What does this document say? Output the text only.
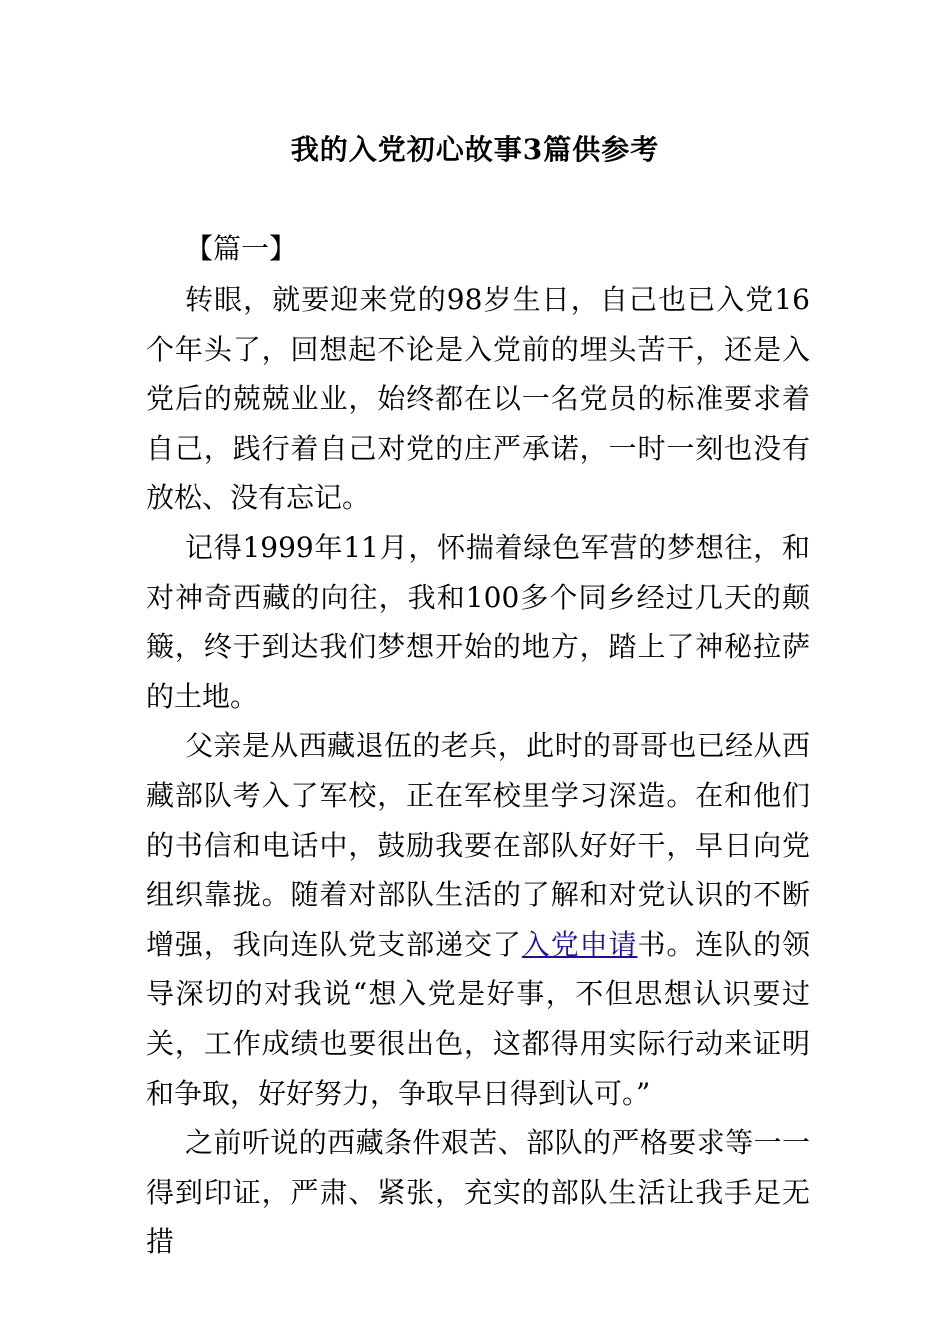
我的入党初心故事3篇供参考
【篇一】

转眼，就要迎来党的98岁生日，自己也已入党16个年头了，回想起不论是入党前的埋头苦干，还是入党后的兢兢业业，始终都在以一名党员的标准要求着自己，践行着自己对党的庄严承诺，一时一刻也没有放松、没有忘记。

记得1999年11月，怀揣着绿色军营的梦想往，和对神奇西藏的向往，我和100多个同乡经过几天的颠簸，终于到达我们梦想开始的地方，踏上了神秘拉萨的土地。

父亲是从西藏退伍的老兵，此时的哥哥也已经从西藏部队考入了军校，正在军校里学习深造。在和他们的书信和电话中，鼓励我要在部队好好干，早日向党组织靠拢。随着对部队生活的了解和对党认识的不断增强，我向连队党支部递交了入党申请书。连队的领导深切的对我说“想入党是好事，不但思想认识要过关，工作成绩也要很出色，这都得用实际行动来证明和争取，好好努力，争取早日得到认可。”

之前听说的西藏条件艰苦、部队的严格要求等一一得到印证，严肃、紧张，充实的部队生活让我手足无措
